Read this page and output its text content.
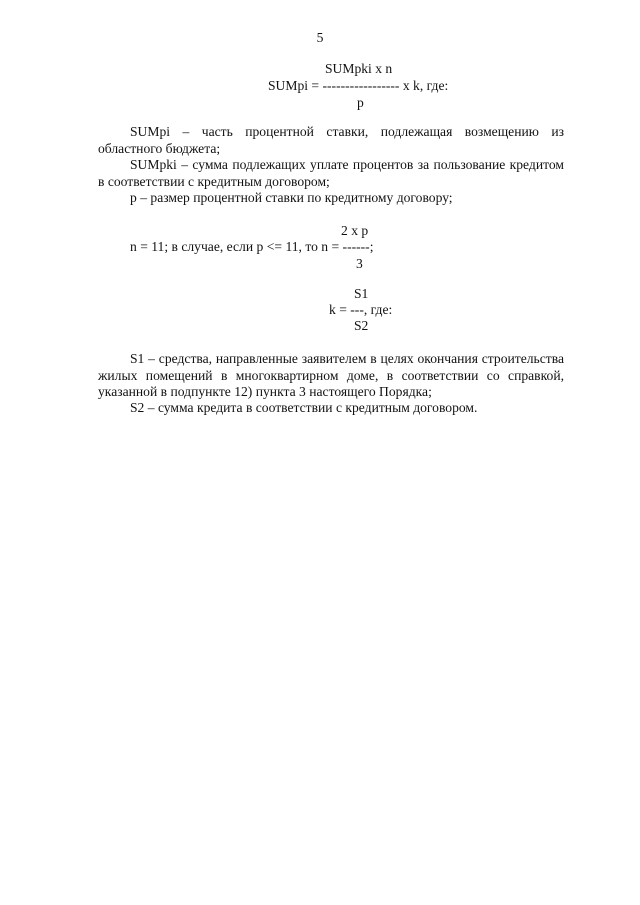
5
SUMpki x n
SUMpi = ----------------- x k, где:
p
SUMpi – часть процентной ставки, подлежащая возмещению из областного бюджета;
SUMpki – сумма подлежащих уплате процентов за пользование кредитом в соответствии с кредитным договором;
p – размер процентной ставки по кредитному договору;
2 x p
n = 11; в случае, если p <= 11, то n = ------;
3
S1
k = ---, где:
S2
S1 – средства, направленные заявителем в целях окончания строительства жилых помещений в многоквартирном доме, в соответствии со справкой, указанной в подпункте 12) пункта 3 настоящего Порядка;
S2 – сумма кредита в соответствии с кредитным договором.
